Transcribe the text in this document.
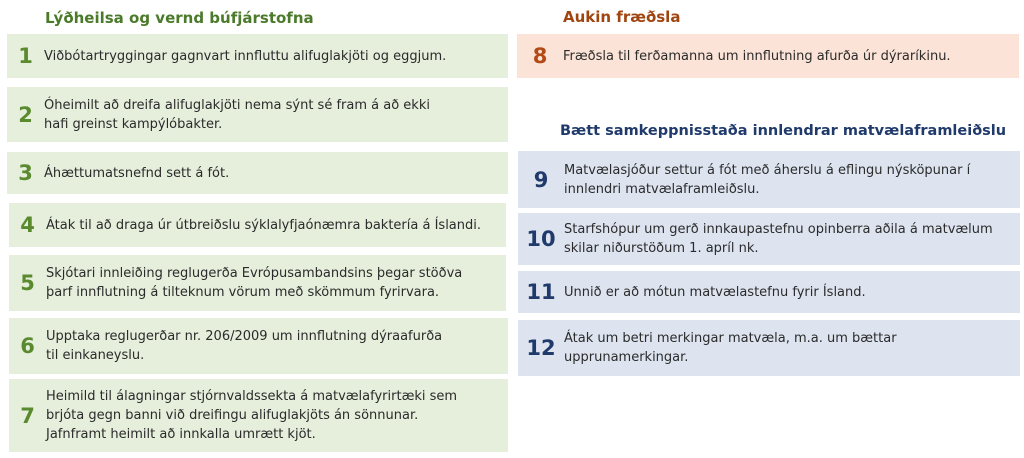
Lýðheilsa og vernd búfjárstofna	Aukin fræðsla
Bætt samkeppnisstaða innlendrar matvælaframleiðslu
1 Viðbótartryggingar gagnvart innfluttu alifuglakjöti og eggjum.
2 Óheimilt að dreifa alifuglakjöti nema sýnt sé fram á að ekki
hafi greinst kampýlóbakter.
3 Áhættumatsnefnd sett á fót.
4 Átak til að draga úr útbreiðslu sýklalyfjaónæmra baktería á Íslandi.
5 Skjótari innleiðing reglugerða Evrópusambandsins þegar stöðva
þarf innflutning á tilteknum vörum með skömmum fyrirvara.
6 Upptaka reglugerðar nr. 206/2009 um innflutning dýraafurða
til einkaneyslu.
7
Heimild til álagningar stjórnvaldssekta á matvælafyrirtæki sem
brjóta gegn banni við dreifingu alifuglakjöts án sönnunar.
Jafnframt heimilt að innkalla umrætt kjöt.
8	Fræðsla til ferðamanna um innflutning afurða úr dýraríkinu.
9	Matvælasjóður settur á fót með áherslu á eflingu nýsköpunar í
innlendri matvælaframleiðslu.
10 Starfshópur um gerð innkaupastefnu opinberra aðila á matvælum
skilar niðurstöðum 1. apríl nk.
11 Unnið er að mótun matvælastefnu fyrir Ísland.
12 Átak um betri merkingar matvæla, m.a. um bættar
upprunamerkingar.
